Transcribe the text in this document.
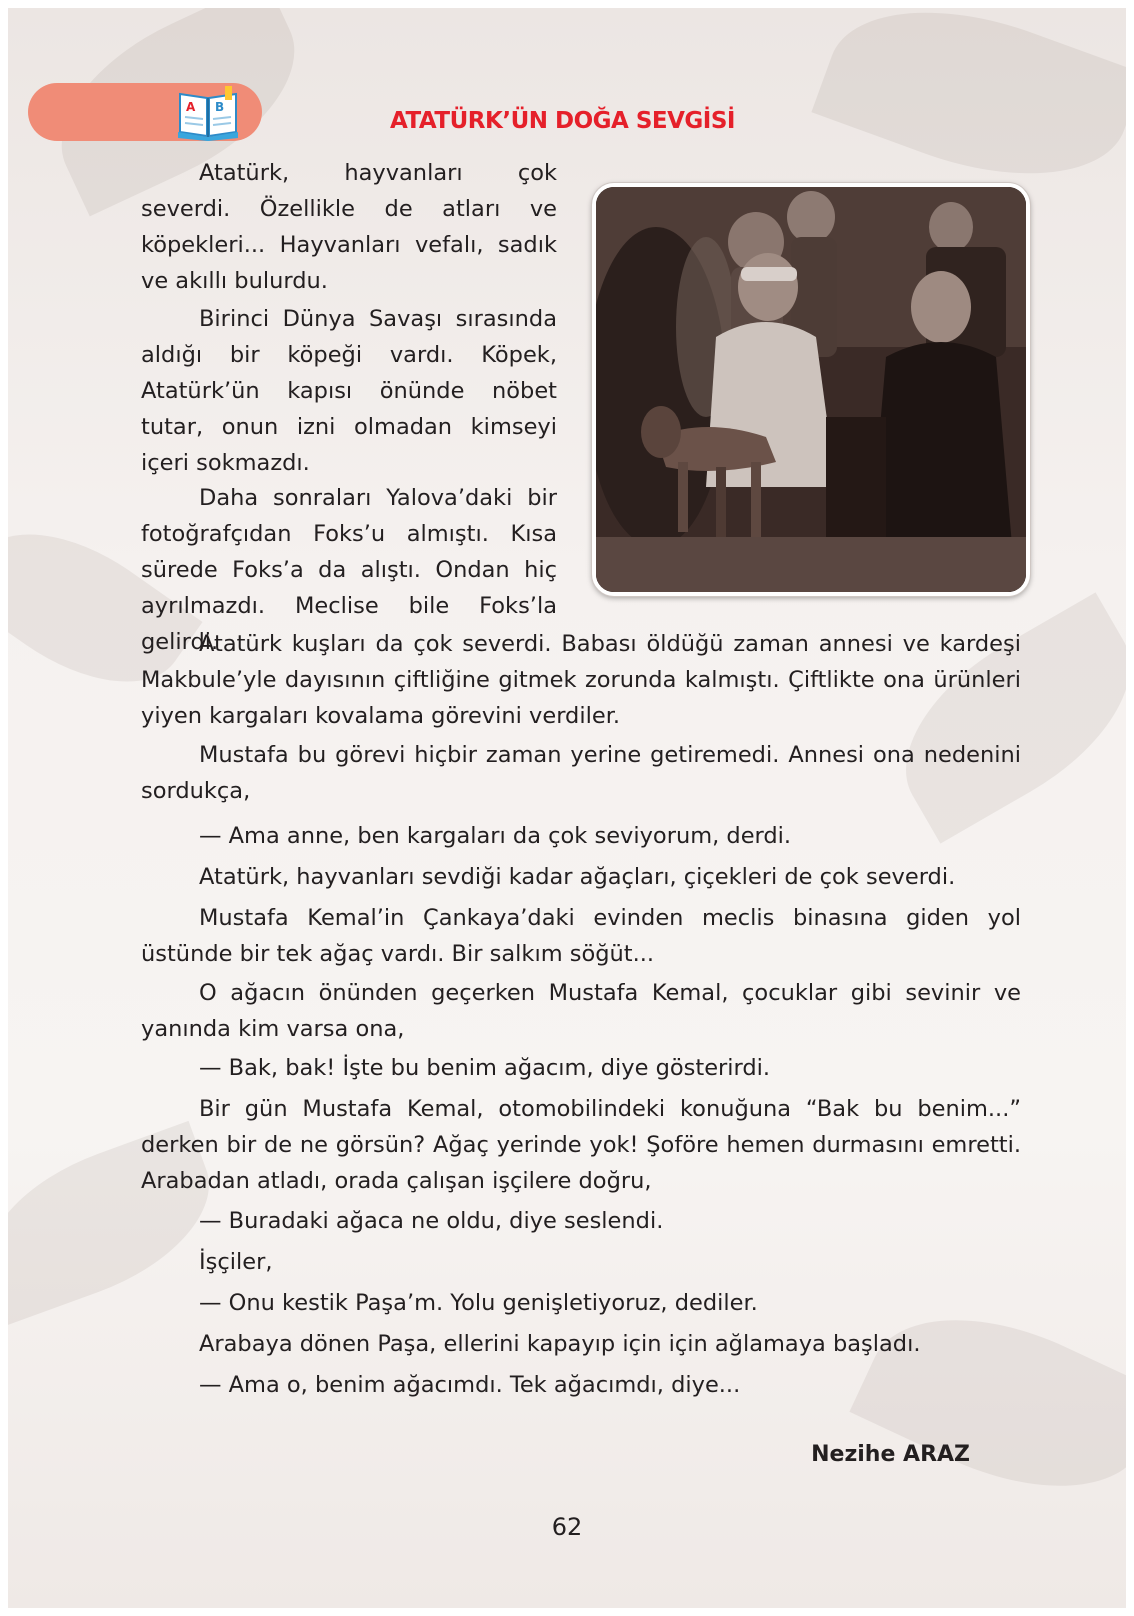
A B
ATATÜRK’ÜN DOĞA SEVGİSİ

Atatürk, hayvanları çok severdi. Özellikle de atları ve köpekleri... Hayvanları vefalı, sadık ve akıllı bulurdu.

Birinci Dünya Savaşı sırasında aldığı bir köpeği vardı. Köpek, Atatürk’ün kapısı önünde nöbet tutar, onun izni olmadan kimseyi içeri sokmazdı.

Daha sonraları Yalova’daki bir fotoğrafçıdan Foks’u almıştı. Kısa sürede Foks’a da alıştı. Ondan hiç ayrılmazdı. Meclise bile Foks’la gelirdi.

Atatürk kuşları da çok severdi. Babası öldüğü zaman annesi ve kardeşi Makbule’yle dayısının çiftliğine gitmek zorunda kalmıştı. Çiftlikte ona ürünleri yiyen kargaları kovalama görevini verdiler.

Mustafa bu görevi hiçbir zaman yerine getiremedi. Annesi ona nedenini sordukça,

— Ama anne, ben kargaları da çok seviyorum, derdi.

Atatürk, hayvanları sevdiği kadar ağaçları, çiçekleri de çok severdi.

Mustafa Kemal’in Çankaya’daki evinden meclis binasına giden yol üstünde bir tek ağaç vardı. Bir salkım söğüt...

O ağacın önünden geçerken Mustafa Kemal, çocuklar gibi sevinir ve yanında kim varsa ona,

— Bak, bak! İşte bu benim ağacım, diye gösterirdi.

Bir gün Mustafa Kemal, otomobilindeki konuğuna “Bak bu benim...” derken bir de ne görsün? Ağaç yerinde yok! Şoföre hemen durmasını emretti. Arabadan atladı, orada çalışan işçilere doğru,

— Buradaki ağaca ne oldu, diye seslendi.

İşçiler,

— Onu kestik Paşa’m. Yolu genişletiyoruz, dediler.

Arabaya dönen Paşa, ellerini kapayıp için için ağlamaya başladı.

— Ama o, benim ağacımdı. Tek ağacımdı, diye...

Nezihe ARAZ
62
